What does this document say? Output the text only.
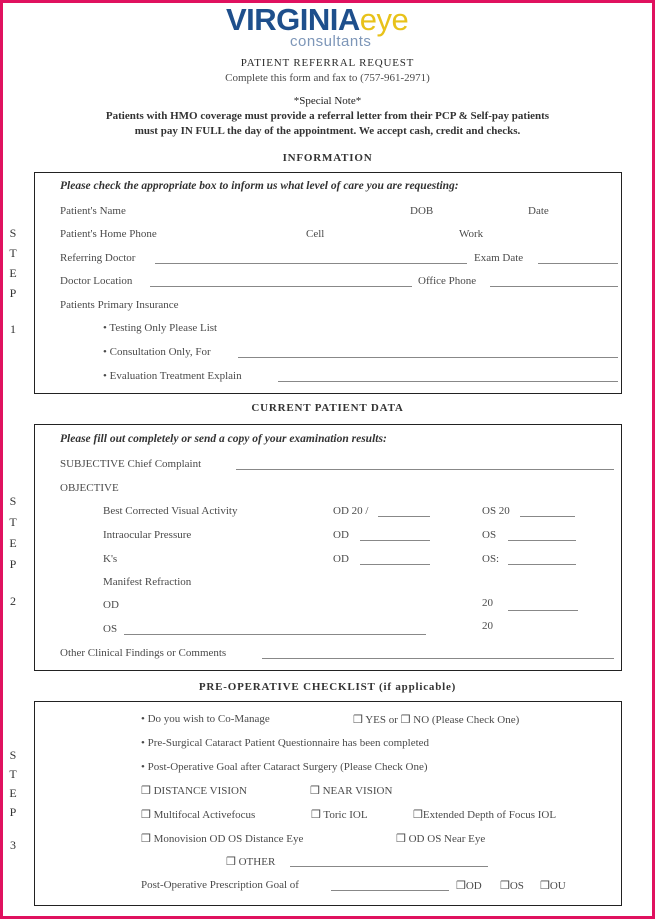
VIRGINIAeye
consultants
PATIENT REFERRAL REQUEST
Complete this form and fax to (757-961-2971)
*Special Note*
Patients with HMO coverage must provide a referral letter from their PCP & Self-pay patients
must pay IN FULL the day of the appointment. We accept cash, credit and checks.
INFORMATION
S
T
E
P
1
Please check the appropriate box to inform us what level of care you are requesting:
Patient's Name	DOB	Date
Patient's Home Phone	Cell	Work
Referring Doctor	Exam Date
Doctor Location	Office Phone
Patients Primary Insurance
• Testing Only Please List
• Consultation Only, For
• Evaluation Treatment Explain
CURRENT PATIENT DATA
S
T
E
P
2
Please fill out completely or send a copy of your examination results:
SUBJECTIVE Chief Complaint
OBJECTIVE
Best Corrected Visual Activity	OD 20 /	OS 20
Intraocular Pressure	OD	OS
K's	OD	OS:
Manifest Refraction
OD	20
OS	20
Other Clinical Findings or Comments
PRE-OPERATIVE CHECKLIST (if applicable)
S
T
E
P
3
• Do you wish to Co-Manage	❒ YES or ❒ NO (Please Check One)
• Pre-Surgical Cataract Patient Questionnaire has been completed
• Post-Operative Goal after Cataract Surgery (Please Check One)
❒ DISTANCE VISION	❒ NEAR VISION
❒ Multifocal Activefocus	❒ Toric IOL	❒Extended Depth of Focus IOL
❒ Monovision OD OS Distance Eye	❒ OD OS Near Eye
❒ OTHER
Post-Operative Prescription Goal of	❒OD ❒OS ❒OU
